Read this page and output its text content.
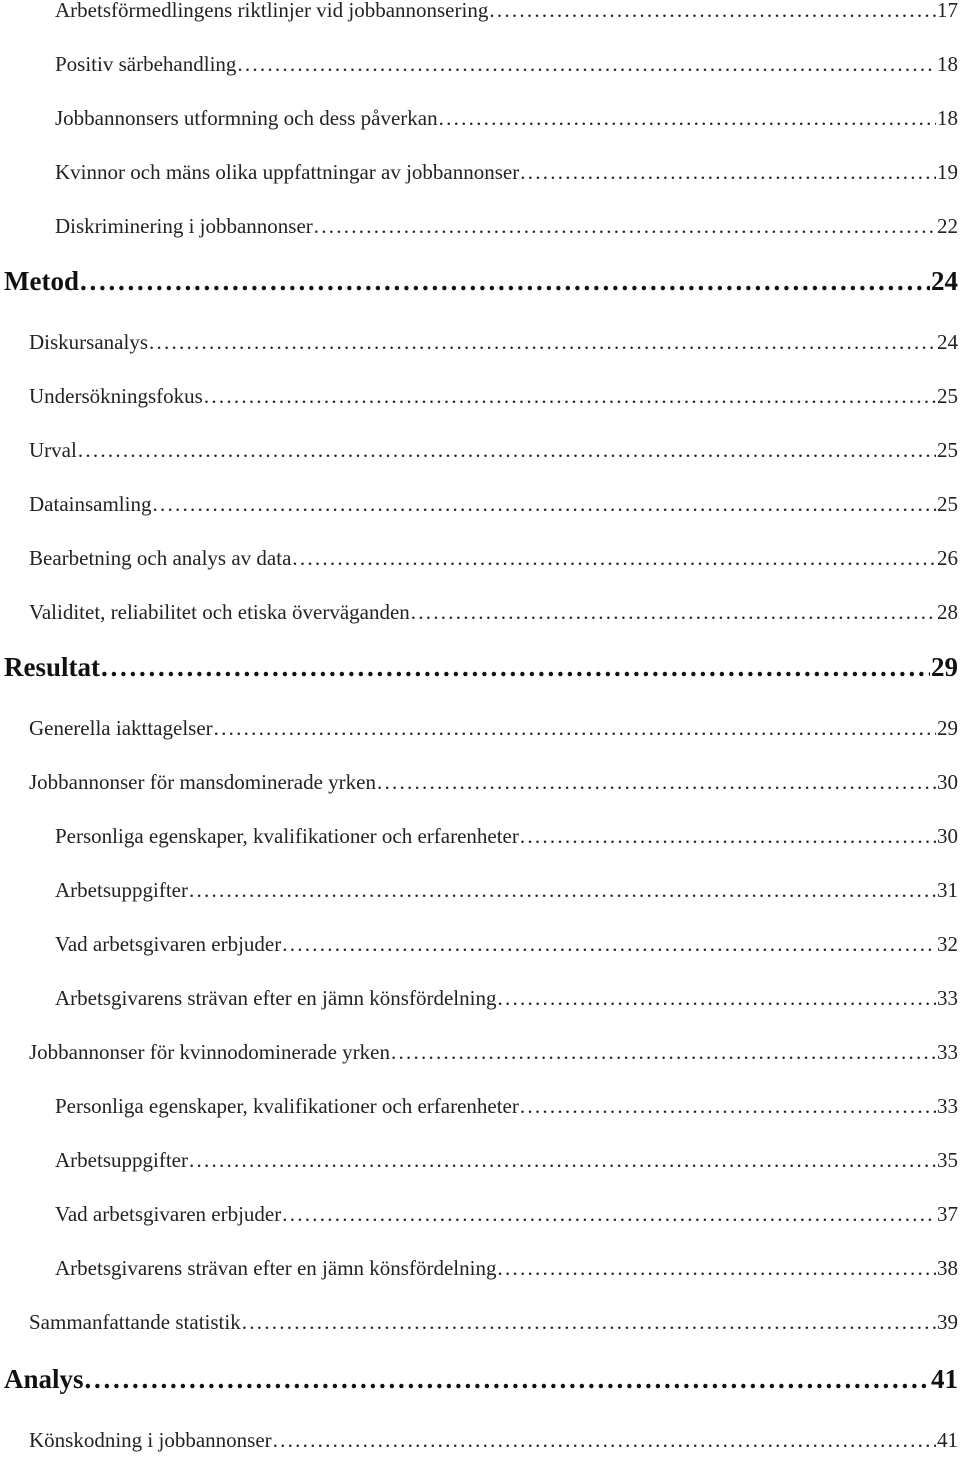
Arbetsförmedlingens riktlinjer vid jobbannonsering . . .	17
Positiv särbehandling . . .	18
Jobbannonsers utformning och dess påverkan . . .	18
Kvinnor och mäns olika uppfattningar av jobbannonser . . .	19
Diskriminering i jobbannonser . . .	22
Metod . . .	24
Diskursanalys . . .	24
Undersökningsfokus . . .	25
Urval . . .	25
Datainsamling . . .	25
Bearbetning och analys av data . . .	26
Validitet, reliabilitet och etiska överväganden . . .	28
Resultat . . .	29
Generella iakttagelser . . .	29
Jobbannonser för mansdominerade yrken . . .	30
Personliga egenskaper, kvalifikationer och erfarenheter . . .	30
Arbetsuppgifter . . .	31
Vad arbetsgivaren erbjuder . . .	32
Arbetsgivarens strävan efter en jämn könsfördelning . . .	33
Jobbannonser för kvinnodominerade yrken . . .	33
Personliga egenskaper, kvalifikationer och erfarenheter . . .	33
Arbetsuppgifter . . .	35
Vad arbetsgivaren erbjuder . . .	37
Arbetsgivarens strävan efter en jämn könsfördelning . . .	38
Sammanfattande statistik . . .	39
Analys . . .	41
Könskodning i jobbannonser . . .	41
